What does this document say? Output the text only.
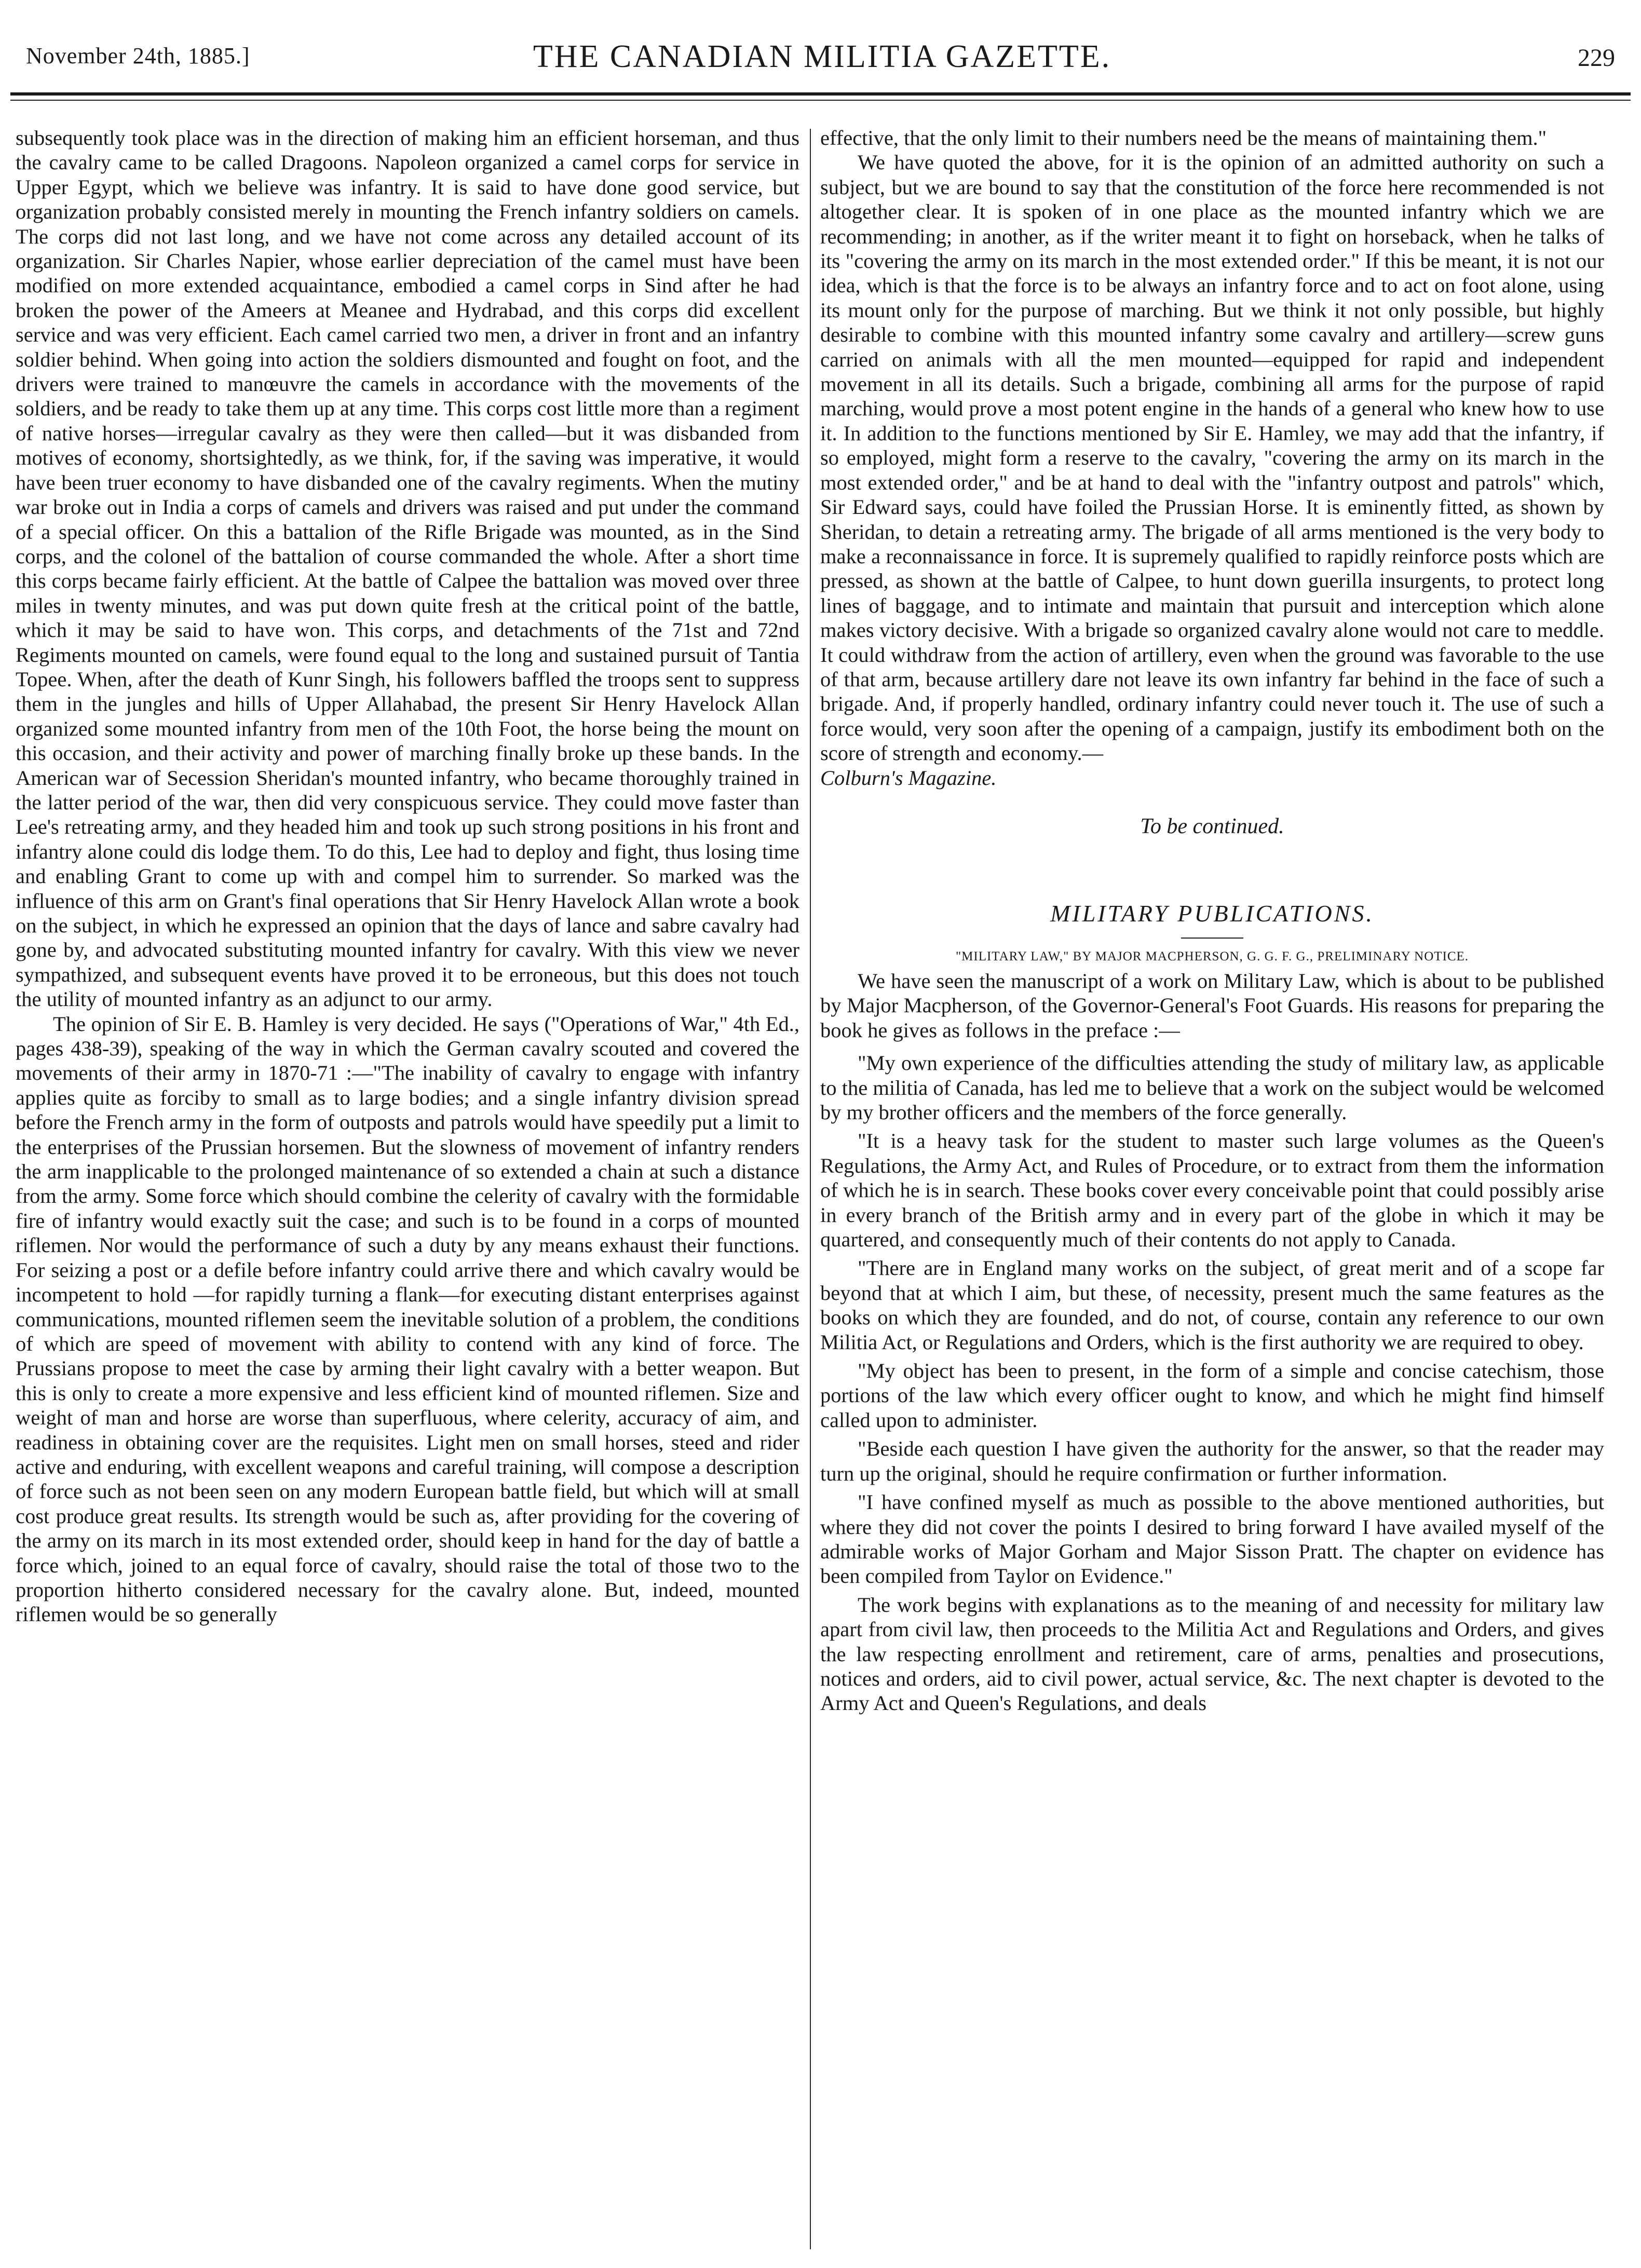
November 24th, 1885.]	THE CANADIAN MILITIA GAZETTE.	229

subsequently took place was in the direction of making him an efficient horseman, and thus the cavalry came to be called Dragoons. Napoleon organized a camel corps for service in Upper Egypt, which we believe was infantry. It is said to have done good service, but organization probably consisted merely in mounting the French infantry soldiers on camels. The corps did not last long, and we have not come across any detailed account of its organization. Sir Charles Napier, whose earlier depreciation of the camel must have been modified on more extended acquaintance, embodied a camel corps in Sind after he had broken the power of the Ameers at Meanee and Hydrabad, and this corps did excellent service and was very efficient. Each camel carried two men, a driver in front and an infantry soldier behind. When going into action the soldiers dismounted and fought on foot, and the drivers were trained to manœuvre the camels in accordance with the movements of the soldiers, and be ready to take them up at any time. This corps cost little more than a regiment of native horses—irregular cavalry as they were then called—but it was disbanded from motives of economy, shortsightedly, as we think, for, if the saving was imperative, it would have been truer economy to have disbanded one of the cavalry regiments. When the mutiny war broke out in India a corps of camels and drivers was raised and put under the command of a special officer. On this a battalion of the Rifle Brigade was mounted, as in the Sind corps, and the colonel of the battalion of course commanded the whole. After a short time this corps became fairly efficient. At the battle of Calpee the battalion was moved over three miles in twenty minutes, and was put down quite fresh at the critical point of the battle, which it may be said to have won. This corps, and detachments of the 71st and 72nd Regiments mounted on camels, were found equal to the long and sustained pursuit of Tantia Topee. When, after the death of Kunr Singh, his followers baffled the troops sent to suppress them in the jungles and hills of Upper Allahabad, the present Sir Henry Havelock Allan organized some mounted infantry from men of the 10th Foot, the horse being the mount on this occasion, and their activity and power of marching finally broke up these bands. In the American war of Secession Sheridan's mounted infantry, who became thoroughly trained in the latter period of the war, then did very conspicuous service. They could move faster than Lee's retreating army, and they headed him and took up such strong positions in his front and infantry alone could dis lodge them. To do this, Lee had to deploy and fight, thus losing time and enabling Grant to come up with and compel him to surrender. So marked was the influence of this arm on Grant's final operations that Sir Henry Havelock Allan wrote a book on the subject, in which he expressed an opinion that the days of lance and sabre cavalry had gone by, and advocated substituting mounted infantry for cavalry. With this view we never sympathized, and subsequent events have proved it to be erroneous, but this does not touch the utility of mounted infantry as an adjunct to our army.

The opinion of Sir E. B. Hamley is very decided. He says ("Operations of War," 4th Ed., pages 438-39), speaking of the way in which the German cavalry scouted and covered the movements of their army in 1870-71 :—"The inability of cavalry to engage with infantry applies quite as forciby to small as to large bodies; and a single infantry division spread before the French army in the form of outposts and patrols would have speedily put a limit to the enterprises of the Prussian horsemen. But the slowness of movement of infantry renders the arm inapplicable to the prolonged maintenance of so extended a chain at such a distance from the army. Some force which should combine the celerity of cavalry with the formidable fire of infantry would exactly suit the case; and such is to be found in a corps of mounted riflemen. Nor would the performance of such a duty by any means exhaust their functions. For seizing a post or a defile before infantry could arrive there and which cavalry would be incompetent to hold —for rapidly turning a flank—for executing distant enterprises against communications, mounted riflemen seem the inevitable solution of a problem, the conditions of which are speed of movement with ability to contend with any kind of force. The Prussians propose to meet the case by arming their light cavalry with a better weapon. But this is only to create a more expensive and less efficient kind of mounted riflemen. Size and weight of man and horse are worse than superfluous, where celerity, accuracy of aim, and readiness in obtaining cover are the requisites. Light men on small horses, steed and rider active and enduring, with excellent weapons and careful training, will compose a description of force such as not been seen on any modern European battle field, but which will at small cost produce great results. Its strength would be such as, after providing for the covering of the army on its march in its most extended order, should keep in hand for the day of battle a force which, joined to an equal force of cavalry, should raise the total of those two to the proportion hitherto considered necessary for the cavalry alone. But, indeed, mounted riflemen would be so generally

effective, that the only limit to their numbers need be the means of maintaining them."

We have quoted the above, for it is the opinion of an admitted authority on such a subject, but we are bound to say that the constitution of the force here recommended is not altogether clear. It is spoken of in one place as the mounted infantry which we are recommending; in another, as if the writer meant it to fight on horseback, when he talks of its "covering the army on its march in the most extended order." If this be meant, it is not our idea, which is that the force is to be always an infantry force and to act on foot alone, using its mount only for the purpose of marching. But we think it not only possible, but highly desirable to combine with this mounted infantry some cavalry and artillery—screw guns carried on animals with all the men mounted—equipped for rapid and independent movement in all its details. Such a brigade, combining all arms for the purpose of rapid marching, would prove a most potent engine in the hands of a general who knew how to use it. In addition to the functions mentioned by Sir E. Hamley, we may add that the infantry, if so employed, might form a reserve to the cavalry, "covering the army on its march in the most extended order," and be at hand to deal with the "infantry outpost and patrols" which, Sir Edward says, could have foiled the Prussian Horse. It is eminently fitted, as shown by Sheridan, to detain a retreating army. The brigade of all arms mentioned is the very body to make a reconnaissance in force. It is supremely qualified to rapidly reinforce posts which are pressed, as shown at the battle of Calpee, to hunt down guerilla insurgents, to protect long lines of baggage, and to intimate and maintain that pursuit and interception which alone makes victory decisive. With a brigade so organized cavalry alone would not care to meddle. It could withdraw from the action of artillery, even when the ground was favorable to the use of that arm, because artillery dare not leave its own infantry far behind in the face of such a brigade. And, if properly handled, ordinary infantry could never touch it. The use of such a force would, very soon after the opening of a campaign, justify its embodiment both on the score of strength and economy.—

Colburn's Magazine.

To be continued.
MILITARY PUBLICATIONS.
"MILITARY LAW," BY MAJOR MACPHERSON, G. G. F. G., PRELIMINARY NOTICE.

We have seen the manuscript of a work on Military Law, which is about to be published by Major Macpherson, of the Governor-General's Foot Guards. His reasons for preparing the book he gives as follows in the preface :—

"My own experience of the difficulties attending the study of military law, as applicable to the militia of Canada, has led me to believe that a work on the subject would be welcomed by my brother officers and the members of the force generally.

"It is a heavy task for the student to master such large volumes as the Queen's Regulations, the Army Act, and Rules of Procedure, or to extract from them the information of which he is in search. These books cover every conceivable point that could possibly arise in every branch of the British army and in every part of the globe in which it may be quartered, and consequently much of their contents do not apply to Canada.

"There are in England many works on the subject, of great merit and of a scope far beyond that at which I aim, but these, of necessity, present much the same features as the books on which they are founded, and do not, of course, contain any reference to our own Militia Act, or Regulations and Orders, which is the first authority we are required to obey.

"My object has been to present, in the form of a simple and concise catechism, those portions of the law which every officer ought to know, and which he might find himself called upon to administer.

"Beside each question I have given the authority for the answer, so that the reader may turn up the original, should he require confirmation or further information.

"I have confined myself as much as possible to the above mentioned authorities, but where they did not cover the points I desired to bring forward I have availed myself of the admirable works of Major Gorham and Major Sisson Pratt. The chapter on evidence has been compiled from Taylor on Evidence."

The work begins with explanations as to the meaning of and necessity for military law apart from civil law, then proceeds to the Militia Act and Regulations and Orders, and gives the law respecting enrollment and retirement, care of arms, penalties and prosecutions, notices and orders, aid to civil power, actual service, &c. The next chapter is devoted to the Army Act and Queen's Regulations, and deals
